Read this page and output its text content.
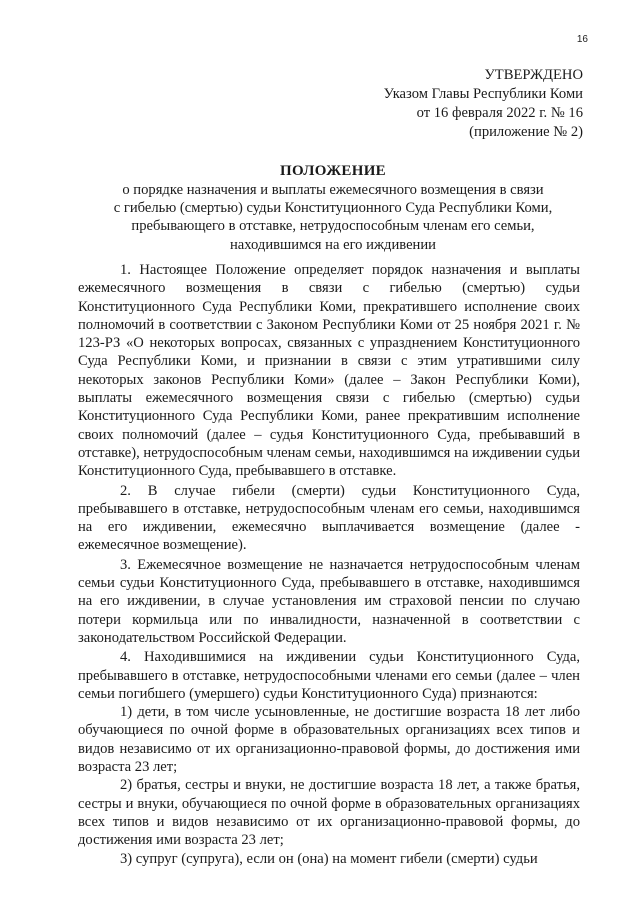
16
УТВЕРЖДЕНО
Указом Главы Республики Коми
от 16 февраля 2022 г. № 16
(приложение № 2)
ПОЛОЖЕНИЕ
о порядке назначения и выплаты ежемесячного возмещения в связи
с гибелью (смертью) судьи Конституционного Суда Республики Коми,
пребывающего в отставке, нетрудоспособным членам его семьи,
находившимся на его иждивении

1. Настоящее Положение определяет порядок назначения и выплаты ежемесячного возмещения в связи с гибелью (смертью) судьи Конституционного Суда Республики Коми, прекратившего исполнение своих полномочий в соответствии с Законом Республики Коми от 25 ноября 2021 г. № 123-РЗ «О некоторых вопросах, связанных с упразднением Конституционного Суда Республики Коми, и признании в связи с этим утратившими силу некоторых законов Республики Коми» (далее – Закон Республики Коми), выплаты ежемесячного возмещения связи с гибелью (смертью) судьи Конституционного Суда Республики Коми, ранее прекратившим исполнение своих полномочий (далее – судья Конституционного Суда, пребывавший в отставке), нетрудоспособным членам семьи, находившимся на иждивении судьи Конституционного Суда, пребывавшего в отставке.

2. В случае гибели (смерти) судьи Конституционного Суда, пребывавшего в отставке, нетрудоспособным членам его семьи, находившимся на его иждивении, ежемесячно выплачивается возмещение (далее - ежемесячное возмещение).

3. Ежемесячное возмещение не назначается нетрудоспособным членам семьи судьи Конституционного Суда, пребывавшего в отставке, находившимся на его иждивении, в случае установления им страховой пенсии по случаю потери кормильца или по инвалидности, назначенной в соответствии с законодательством Российской Федерации.

4. Находившимися на иждивении судьи Конституционного Суда, пребывавшего в отставке, нетрудоспособными членами его семьи (далее – член семьи погибшего (умершего) судьи Конституционного Суда) признаются:

1) дети, в том числе усыновленные, не достигшие возраста 18 лет либо обучающиеся по очной форме в образовательных организациях всех типов и видов независимо от их организационно-правовой формы, до достижения ими возраста 23 лет;

2) братья, сестры и внуки, не достигшие возраста 18 лет, а также братья, сестры и внуки, обучающиеся по очной форме в образовательных организациях всех типов и видов независимо от их организационно-правовой формы, до достижения ими возраста 23 лет;

3) супруг (супруга), если он (она) на момент гибели (смерти) судьи
